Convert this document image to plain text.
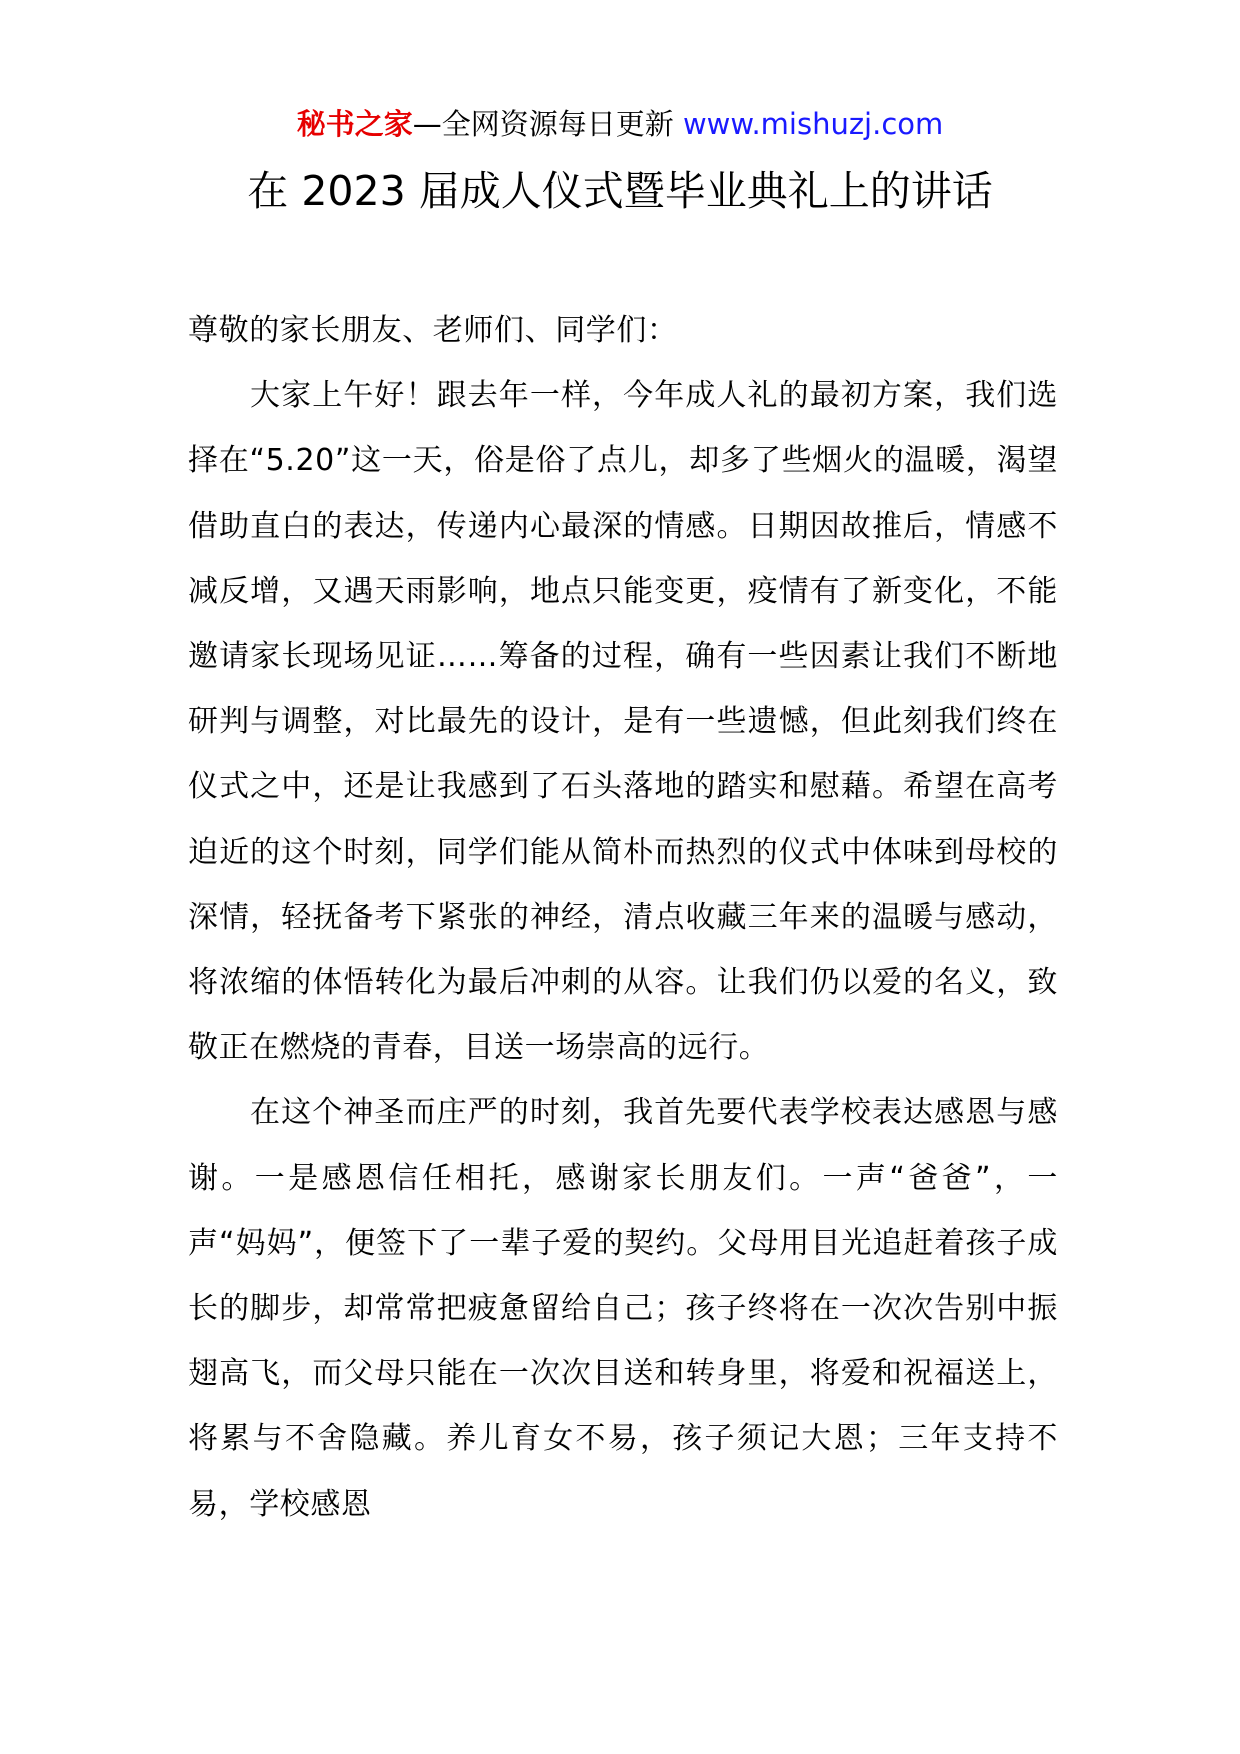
秘书之家—全网资源每日更新 www.mishuzj.com
在 2023 届成人仪式暨毕业典礼上的讲话

尊敬的家长朋友、老师们、同学们：

大家上午好！跟去年一样，今年成人礼的最初方案，我们选择在“5.20”这一天，俗是俗了点儿，却多了些烟火的温暖，渴望借助直白的表达，传递内心最深的情感。日期因故推后，情感不减反增，又遇天雨影响，地点只能变更，疫情有了新变化，不能邀请家长现场见证……筹备的过程，确有一些因素让我们不断地研判与调整，对比最先的设计，是有一些遗憾，但此刻我们终在仪式之中，还是让我感到了石头落地的踏实和慰藉。希望在高考迫近的这个时刻，同学们能从简朴而热烈的仪式中体味到母校的深情，轻抚备考下紧张的神经，清点收藏三年来的温暖与感动，将浓缩的体悟转化为最后冲刺的从容。让我们仍以爱的名义，致敬正在燃烧的青春，目送一场崇高的远行。

在这个神圣而庄严的时刻，我首先要代表学校表达感恩与感谢。一是感恩信任相托，感谢家长朋友们。一声“爸爸”，一声“妈妈”，便签下了一辈子爱的契约。父母用目光追赶着孩子成长的脚步，却常常把疲惫留给自己；孩子终将在一次次告别中振翅高飞，而父母只能在一次次目送和转身里，将爱和祝福送上，将累与不舍隐藏。养儿育女不易，孩子须记大恩；三年支持不易，学校感恩
